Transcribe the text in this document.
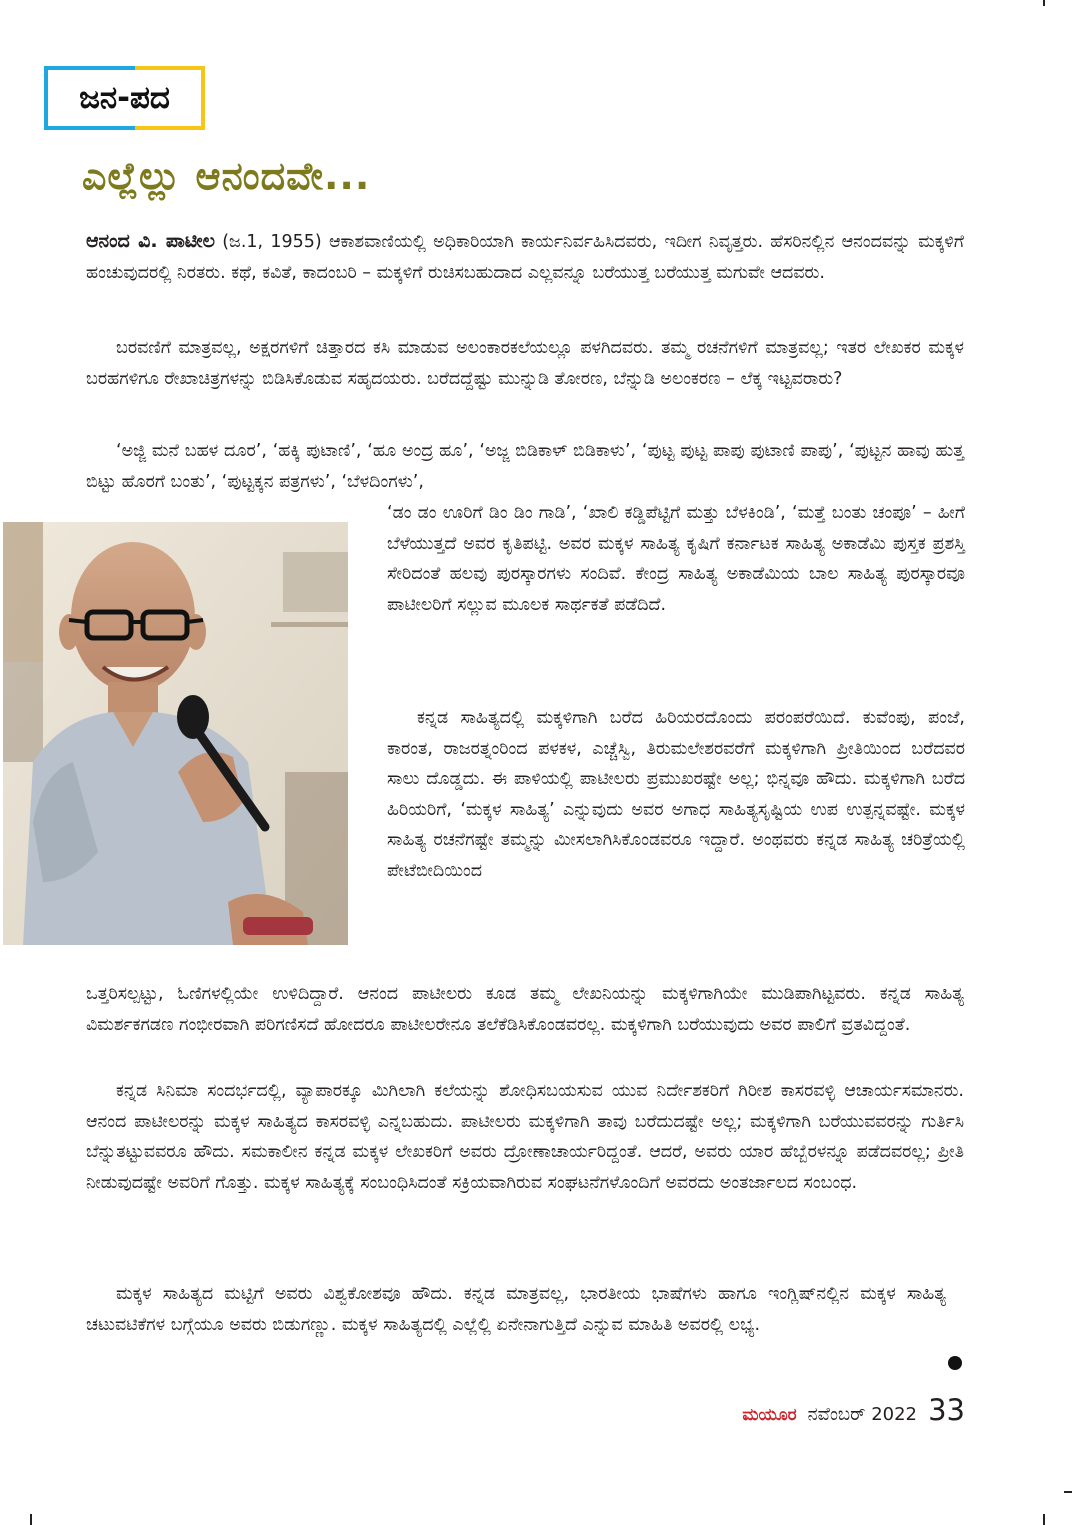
ಜನ-ಪದ
ಎಲ್ಲೆಲ್ಲು ಆನಂದವೇ...

ಆನಂದ ವಿ. ಪಾಟೀಲ (ಜ.1, 1955) ಆಕಾಶವಾಣಿಯಲ್ಲಿ ಅಧಿಕಾರಿಯಾಗಿ ಕಾರ್ಯನಿರ್ವಹಿಸಿದವರು, ಇದೀಗ ನಿವೃತ್ತರು. ಹೆಸರಿನಲ್ಲಿನ ಆನಂದವನ್ನು ಮಕ್ಕಳಿಗೆ ಹಂಚುವುದರಲ್ಲಿ ನಿರತರು. ಕಥೆ, ಕವಿತೆ, ಕಾದಂಬರಿ – ಮಕ್ಕಳಿಗೆ ರುಚಿಸಬಹುದಾದ ಎಲ್ಲವನ್ನೂ ಬರೆಯುತ್ತ ಬರೆಯುತ್ತ ಮಗುವೇ ಆದವರು.

ಬರವಣಿಗೆ ಮಾತ್ರವಲ್ಲ, ಅಕ್ಷರಗಳಿಗೆ ಚಿತ್ತಾರದ ಕಸಿ ಮಾಡುವ ಅಲಂಕಾರಕಲೆಯಲ್ಲೂ ಪಳಗಿದವರು. ತಮ್ಮ ರಚನೆಗಳಿಗೆ ಮಾತ್ರವಲ್ಲ; ಇತರ ಲೇಖಕರ ಮಕ್ಕಳ ಬರಹಗಳಿಗೂ ರೇಖಾಚಿತ್ರಗಳನ್ನು ಬಿಡಿಸಿಕೊಡುವ ಸಹೃದಯರು. ಬರೆದದ್ದೆಷ್ಟು ಮುನ್ನುಡಿ ತೋರಣ, ಬೆನ್ನುಡಿ ಅಲಂಕರಣ – ಲೆಕ್ಕ ಇಟ್ಟವರಾರು?

‘ಅಜ್ಜಿ ಮನೆ ಬಹಳ ದೂರ’, ‘ಹಕ್ಕಿ ಪುಟಾಣಿ’, ‘ಹೂ ಅಂದ್ರ ಹೂ’, ‘ಅಜ್ಜ ಬಿಡಿಕಾಳ್ ಬಿಡಿಕಾಳು’, ‘ಪುಟ್ಟ ಪುಟ್ಟ ಪಾಪು ಪುಟಾಣಿ ಪಾಪು’, ‘ಪುಟ್ಟನ ಹಾವು ಹುತ್ತ ಬಿಟ್ಟು ಹೊರಗೆ ಬಂತು’, ‘ಪುಟ್ಟಕ್ಕನ ಪತ್ರಗಳು’, ‘ಬೆಳದಿಂಗಳು’,

‘ಡಂ ಡಂ ಊರಿಗೆ ಡಿಂ ಡಿಂ ಗಾಡಿ’, ‘ಖಾಲಿ ಕಡ್ಡಿಪೆಟ್ಟಿಗೆ ಮತ್ತು ಬೆಳಕಿಂಡಿ’, ‘ಮತ್ತೆ ಬಂತು ಚಂಪೂ’ – ಹೀಗೆ ಬೆಳೆಯುತ್ತದೆ ಅವರ ಕೃತಿಪಟ್ಟಿ. ಅವರ ಮಕ್ಕಳ ಸಾಹಿತ್ಯ ಕೃಷಿಗೆ ಕರ್ನಾಟಕ ಸಾಹಿತ್ಯ ಅಕಾಡೆಮಿ ಪುಸ್ತಕ ಪ್ರಶಸ್ತಿ ಸೇರಿದಂತೆ ಹಲವು ಪುರಸ್ಕಾರಗಳು ಸಂದಿವೆ. ಕೇಂದ್ರ ಸಾಹಿತ್ಯ ಅಕಾಡೆಮಿಯ ಬಾಲ ಸಾಹಿತ್ಯ ಪುರಸ್ಕಾರವೂ ಪಾಟೀಲರಿಗೆ ಸಲ್ಲುವ ಮೂಲಕ ಸಾರ್ಥಕತೆ ಪಡೆದಿದೆ.

ಕನ್ನಡ ಸಾಹಿತ್ಯದಲ್ಲಿ ಮಕ್ಕಳಿಗಾಗಿ ಬರೆದ ಹಿರಿಯರದೊಂದು ಪರಂಪರೆಯಿದೆ. ಕುವೆಂಪು, ಪಂಜೆ, ಕಾರಂತ, ರಾಜರತ್ನಂರಿಂದ ಪಳಕಳ, ಎಚ್ಚೆಸ್ವಿ, ತಿರುಮಲೇಶರವರೆಗೆ ಮಕ್ಕಳಿಗಾಗಿ ಪ್ರೀತಿಯಿಂದ ಬರೆದವರ ಸಾಲು ದೊಡ್ಡದು. ಈ ಪಾಳಿಯಲ್ಲಿ ಪಾಟೀಲರು ಪ್ರಮುಖರಷ್ಟೇ ಅಲ್ಲ; ಭಿನ್ನವೂ ಹೌದು. ಮಕ್ಕಳಿಗಾಗಿ ಬರೆದ ಹಿರಿಯರಿಗೆ, ‘ಮಕ್ಕಳ ಸಾಹಿತ್ಯ’ ಎನ್ನುವುದು ಅವರ ಅಗಾಧ ಸಾಹಿತ್ಯಸೃಷ್ಟಿಯ ಉಪ ಉತ್ಪನ್ನವಷ್ಟೇ. ಮಕ್ಕಳ ಸಾಹಿತ್ಯ ರಚನೆಗಷ್ಟೇ ತಮ್ಮನ್ನು ಮೀಸಲಾಗಿಸಿಕೊಂಡವರೂ ಇದ್ದಾರೆ. ಅಂಥವರು ಕನ್ನಡ ಸಾಹಿತ್ಯ ಚರಿತ್ರೆಯಲ್ಲಿ ಪೇಟೆಬೀದಿಯಿಂದ

ಒತ್ತರಿಸಲ್ಪಟ್ಟು, ಓಣಿಗಳಲ್ಲಿಯೇ ಉಳಿದಿದ್ದಾರೆ. ಆನಂದ ಪಾಟೀಲರು ಕೂಡ ತಮ್ಮ ಲೇಖನಿಯನ್ನು ಮಕ್ಕಳಿಗಾಗಿಯೇ ಮುಡಿಪಾಗಿಟ್ಟವರು. ಕನ್ನಡ ಸಾಹಿತ್ಯ ವಿಮರ್ಶಕಗಡಣ ಗಂಭೀರವಾಗಿ ಪರಿಗಣಿಸದೆ ಹೋದರೂ ಪಾಟೀಲರೇನೂ ತಲೆಕೆಡಿಸಿಕೊಂಡವರಲ್ಲ. ಮಕ್ಕಳಿಗಾಗಿ ಬರೆಯುವುದು ಅವರ ಪಾಲಿಗೆ ವ್ರತವಿದ್ದಂತೆ.

ಕನ್ನಡ ಸಿನಿಮಾ ಸಂದರ್ಭದಲ್ಲಿ, ವ್ಯಾಪಾರಕ್ಕೂ ಮಿಗಿಲಾಗಿ ಕಲೆಯನ್ನು ಶೋಧಿಸಬಯಸುವ ಯುವ ನಿರ್ದೇಶಕರಿಗೆ ಗಿರೀಶ ಕಾಸರವಳ್ಳಿ ಆಚಾರ್ಯಸಮಾನರು. ಆನಂದ ಪಾಟೀಲರನ್ನು ಮಕ್ಕಳ ಸಾಹಿತ್ಯದ ಕಾಸರವಳ್ಳಿ ಎನ್ನಬಹುದು. ಪಾಟೀಲರು ಮಕ್ಕಳಿಗಾಗಿ ತಾವು ಬರೆದುದಷ್ಟೇ ಅಲ್ಲ; ಮಕ್ಕಳಿಗಾಗಿ ಬರೆಯುವವರನ್ನು ಗುರ್ತಿಸಿ ಬೆನ್ನುತಟ್ಟುವವರೂ ಹೌದು. ಸಮಕಾಲೀನ ಕನ್ನಡ ಮಕ್ಕಳ ಲೇಖಕರಿಗೆ ಅವರು ದ್ರೋಣಾಚಾರ್ಯರಿದ್ದಂತೆ. ಆದರೆ, ಅವರು ಯಾರ ಹೆಬ್ಬೆರಳನ್ನೂ ಪಡೆದವರಲ್ಲ; ಪ್ರೀತಿ ನೀಡುವುದಷ್ಟೇ ಅವರಿಗೆ ಗೊತ್ತು. ಮಕ್ಕಳ ಸಾಹಿತ್ಯಕ್ಕೆ ಸಂಬಂಧಿಸಿದಂತೆ ಸಕ್ರಿಯವಾಗಿರುವ ಸಂಘಟನೆಗಳೊಂದಿಗೆ ಅವರದು ಅಂತರ್ಜಾಲದ ಸಂಬಂಧ.

ಮಕ್ಕಳ ಸಾಹಿತ್ಯದ ಮಟ್ಟಿಗೆ ಅವರು ವಿಶ್ವಕೋಶವೂ ಹೌದು. ಕನ್ನಡ ಮಾತ್ರವಲ್ಲ, ಭಾರತೀಯ ಭಾಷೆಗಳು ಹಾಗೂ ಇಂಗ್ಲಿಷ್‌ನಲ್ಲಿನ ಮಕ್ಕಳ ಸಾಹಿತ್ಯ ಚಟುವಟಿಕೆಗಳ ಬಗ್ಗೆಯೂ ಅವರು ಬಿಡುಗಣ್ಣು. ಮಕ್ಕಳ ಸಾಹಿತ್ಯದಲ್ಲಿ ಎಲ್ಲೆಲ್ಲಿ ಏನೇನಾಗುತ್ತಿದೆ ಎನ್ನುವ ಮಾಹಿತಿ ಅವರಲ್ಲಿ ಲಭ್ಯ.

ಮಯೂರ ನವೆಂಬರ್ 2022 33
